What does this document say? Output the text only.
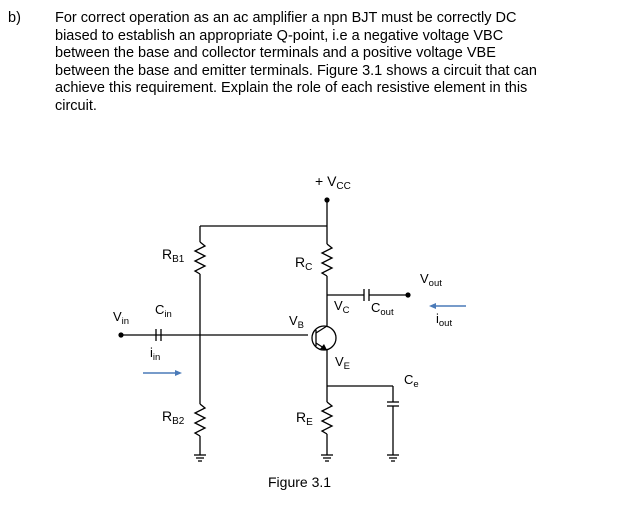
b) For correct operation as an ac amplifier a npn BJT must be correctly DC
biased to establish an appropriate Q-point, i.e a negative voltage VBC
between the base and collector terminals and a positive voltage VBE
between the base and emitter terminals. Figure 3.1 shows a circuit that can
achieve this requirement. Explain the role of each resistive element in this
circuit.
+ $V_{CC}$
$R_{B1}$
$R_{B2}$
$R_C$
$R_E$
$V_{in}$
$C_{in}$
$i_{in}$
$V_B$
$V_C$
$V_E$
$C_{out}$
$V_{out}$
$i_{out}$
$C_e$
Figure 3.1
